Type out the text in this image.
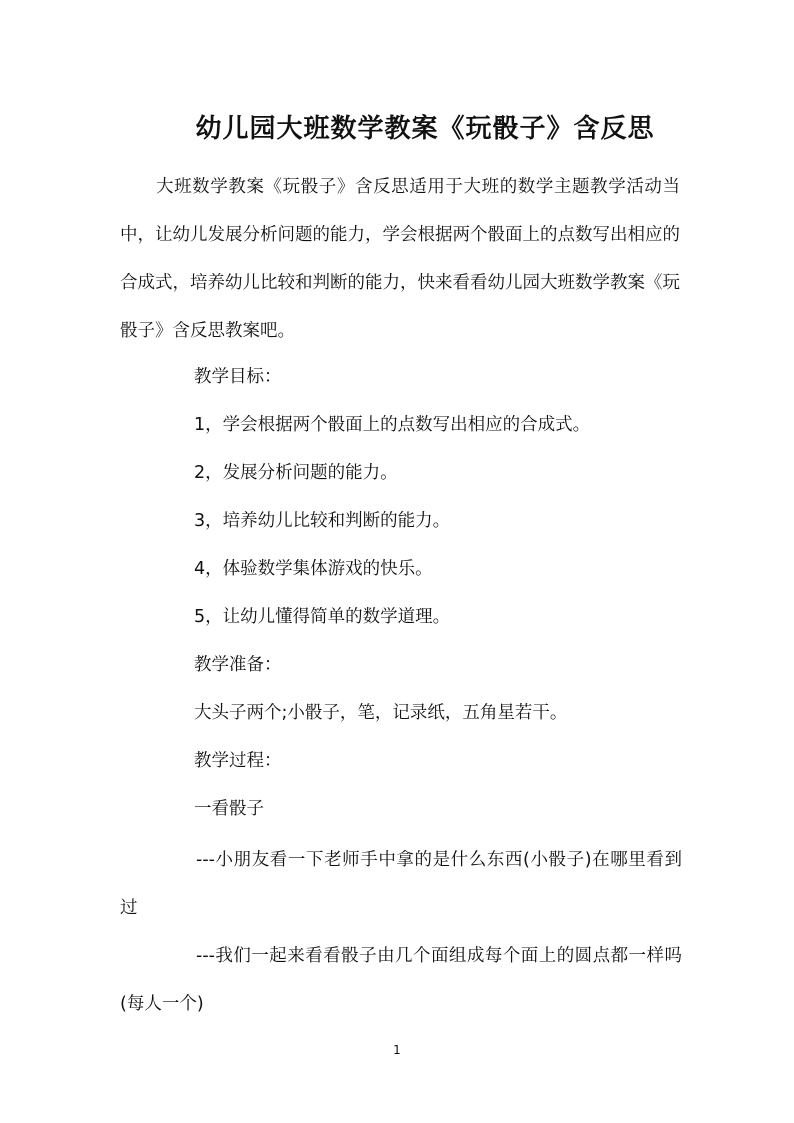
幼儿园大班数学教案《玩骰子》含反思

大班数学教案《玩骰子》含反思适用于大班的数学主题教学活动当中，让幼儿发展分析问题的能力，学会根据两个骰面上的点数写出相应的合成式，培养幼儿比较和判断的能力，快来看看幼儿园大班数学教案《玩骰子》含反思教案吧。

教学目标：

1，学会根据两个骰面上的点数写出相应的合成式。

2，发展分析问题的能力。

3，培养幼儿比较和判断的能力。

4，体验数学集体游戏的快乐。

5，让幼儿懂得简单的数学道理。

教学准备：

大头子两个;小骰子，笔，记录纸，五角星若干。

教学过程：

一看骰子

---小朋友看一下老师手中拿的是什么东西(小骰子)在哪里看到过

---我们一起来看看骰子由几个面组成每个面上的圆点都一样吗(每人一个)

1
